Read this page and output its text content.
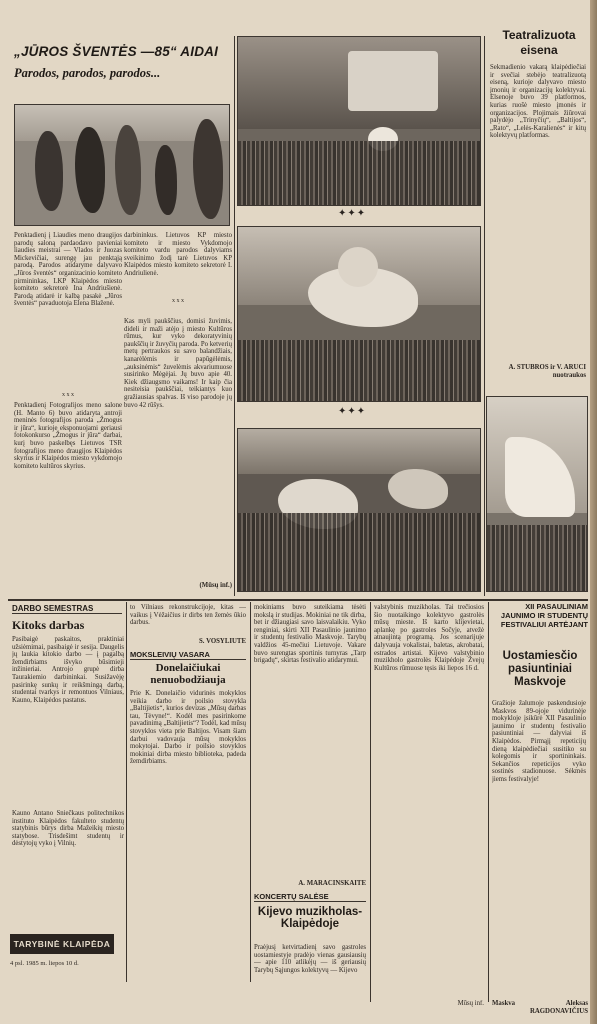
„JŪROS ŠVENTĖS —85“ AIDAI
Parodos, parodos, parodos...
Penktadienį į Liaudies meno draugijos parodų saloną pardaodavo pavieniai liaudies meistrai — Vlados ir Juozas Mickevičiai, surengę jau penktąją parodą. Parodos atidaryme dalyvavo „Jūros šventės“ organizacinio komiteto pirmininkas, LKP Klaipėdos miesto komiteto sekretorė Ina Andriušienė. Parodą atidarė ir kalbą pasakė „Jūros šventės“ pavaduotoja Elena Blaženė.
x x x
Penktadienį Fotografijos meno salone (H. Manto 6) buvo atidaryta antroji meninės fotografijos paroda „Žmogus ir jūra“, kurioje eksponuojami geriausi fotokonkurso „Žmogus ir jūra“ darbai, kurį buvo paskelbęs Lietuvos TSR fotografijos meno draugijos Klaipėdos skyrius ir Klaipėdos miesto vykdomojo komiteto kultūros skyrius.
darbininkus. Lietuvos KP miesto komiteto ir miesto Vykdomojo komiteto vardu parodos dalyviams sveikinimo žodį tarė Lietuvos KP Klaipėdos miesto komiteto sekretorė I. Andriulienė.
x x x
Kas myli paukščius, domisi žuvimis, dideli ir maži atėjo į miesto Kultūros rūmus, kur vyko dekoratyvinių paukščių ir žuvyčių paroda. Po ketverių metų pertraukos su savo balandžiais, kanarėlėmis ir papūgėlėmis, „auksinėmis“ žuvelėmis akvariumuose susirinko Mėgėjai. Jų buvo apie 40. Kiek džiaugsmo vaikams! Ir kaip čia nesiteisia paukščiai, teikiantys kuo gražiausias spalvas. Iš viso parodoje jų buvo 42 rūšys.
(Mūsų inf.)
✦✦✦
✦✦✦
Teatralizuota eisena
Sekmadienio vakarą klaipėdiečiai ir svečiai stebėjo teatralizuotą eiseną, kurioje dalyvavo miesto įmonių ir organizacijų kolektyvai. Elsenoje buvo 39 platformos, kurias ruošė miesto įmonės ir organizacijos. Plojimais žiūrovai palydėjo „Trinyčių“, „Baltijos“, „Rato“, „Lelės-Karalienės“ ir kitų kolektyvų platformas.
A. STUBROS ir V. ARUCI nuotraukos
DARBO SEMESTRAS
Kitoks darbas
Pasibaigė paskaitos, praktiniai užsiėmimai, pasibaigė ir sesija. Daugelis jų laukia kitokio darbo — į pagalbą žemdirbiams išvyko būsimieji inžinieriai. Antrojo grupė dirba Taurakiemio darbininkai. Susižavėję pasirinkę sunkų ir reikšmingą darbą, studentai tvarkys ir remontuos Vilniaus, Kauno, Klaipėdos pastatus.
Kauno Antano Sniečkaus politechnikos instituto Klaipėdos fakulteto studentų statybinis būrys dirba Mažeikių miesto statybose. Trisdešimt studentų ir dėstytojų vyko į Vilnių.
TARYBINĖ KLAIPĖDA
4 psl. 1985 m. liepos 10 d.
to Vilniaus rekonstrukcijoje, kitas — vaikus į Vėžaičius ir dirbs ten žemės ūkio darbus.
S. VOSYLIŪTĖ
MOKSLEIVIŲ VASARA
Donelaičiukai nenuobodžiauja
Prie K. Donelaičio vidurinės mokyklos veikia darbo ir poilsio stovykla „Baltijietis“, kurios devizas „Mūsų darbas tau, Tėvyne!“. Kodėl mes pasirinkome pavadinimą „Baltijietis“? Todėl, kad mūsų stovyklos vieta prie Baltijos. Visam šiam darbui vadovauja mūsų mokyklos mokytojai. Darbo ir poilsio stovyklos mokiniai dirba miesto biblioteka, padeda žemdirbiams.
mokiniams buvo suteikiama tėsėti mokslą ir studijas. Mokiniai ne tik dirba, bet ir džiaugiasi savo laisvalaikiu. Vyko renginiai, skirti XII Pasaulinio jaunimo ir studentų festivalio Maskvoje. Tarybų valdžios 45-mečiui Lietuvoje. Vakare buvo surengtas sportinis turnyras „Tarp brigadų“, skirtas festivalio atidarymui.
A. MARAČINSKAITĖ
KONCERTŲ SALĖSE
Kijevo muzikholas-Klaipėdoje
Praėjusį ketvirtadienį savo gastroles uostamiestyje pradėjo vienas gausiausių — apie 110 atlikėjų — iš geriausių Tarybų Sąjungos kolektyvų — Kijevo
valstybinis muzikholas. Tai trečiosios šio nuotaikingo kolektyvo gastrolės mūsų mieste. Iš karto klijevietai, aplankę po gastroles Sočyje, atvežė atnaujintą programą. Jos scenarijuje dalyvauja vokalistai, baletas, akrobatai, estrados artistai. Kijevo valstybinio muzikholo gastrolės Klaipėdoje Žvejų Kultūros rūmuose tęsis iki liepos 16 d.
Mūsų inf.
XII PASAULINIAM JAUNIMO IR STUDENTŲ FESTIVALIUI ARTĖJANT
Uostamiesčio pasiuntiniai Maskvoje
Gražioje žalumoje paskendusioje Maskvos 89-ojoje vidurinėje mokykloje įsikūrė XII Pasaulinio jaunimo ir studentų festivalio pasiuntiniai — dalyviai iš Klaipėdos. Pirmąjį repeticijų dieną klaipėdiečiai susitiko su kolegomis ir sportininkais. Sekančios repeticijos vyko sostinės stadionuose. Sėkmės jiems festivalyje!
Maskva	Aleksas RAGDONAVIČIUS
